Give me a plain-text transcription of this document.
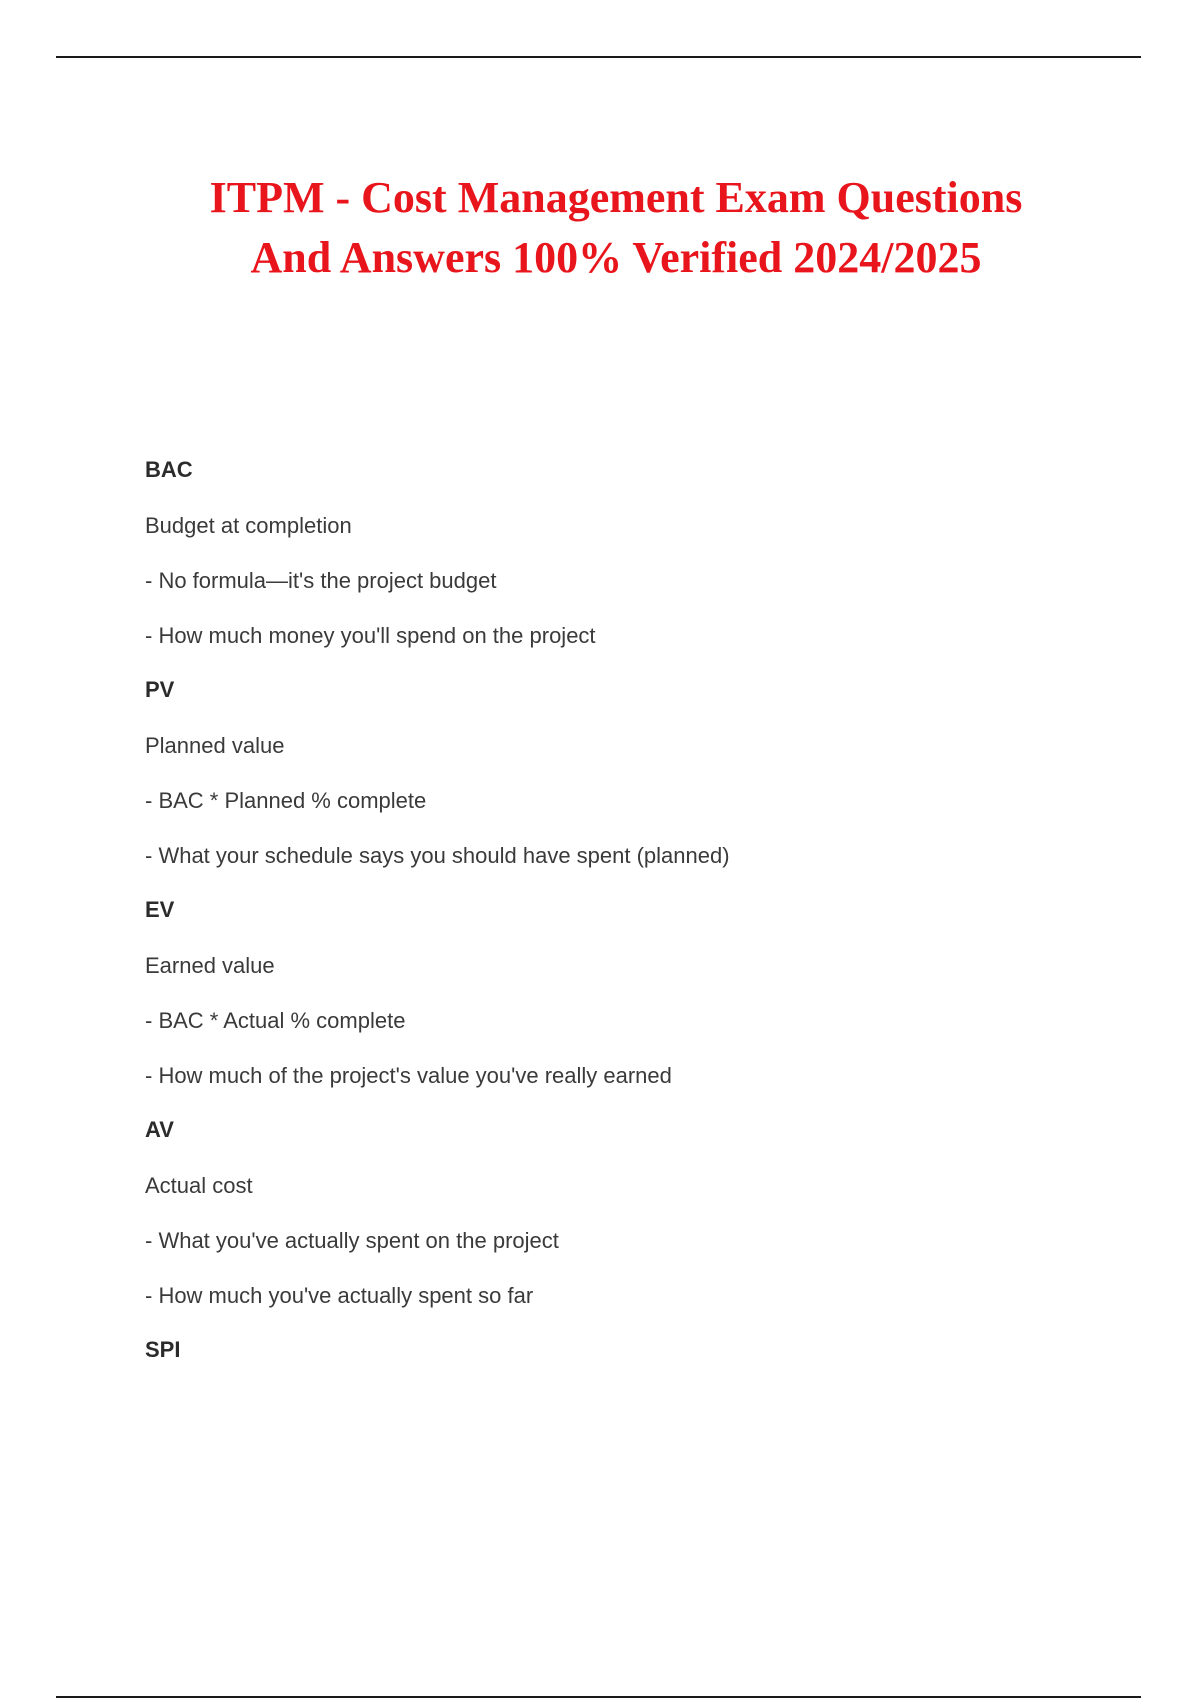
ITPM - Cost Management Exam Questions
And Answers 100% Verified 2024/2025
BAC
Budget at completion
- No formula—it's the project budget
- How much money you'll spend on the project
PV
Planned value
- BAC * Planned % complete
- What your schedule says you should have spent (planned)
EV
Earned value
- BAC * Actual % complete
- How much of the project's value you've really earned
AV
Actual cost
- What you've actually spent on the project
- How much you've actually spent so far
SPI
